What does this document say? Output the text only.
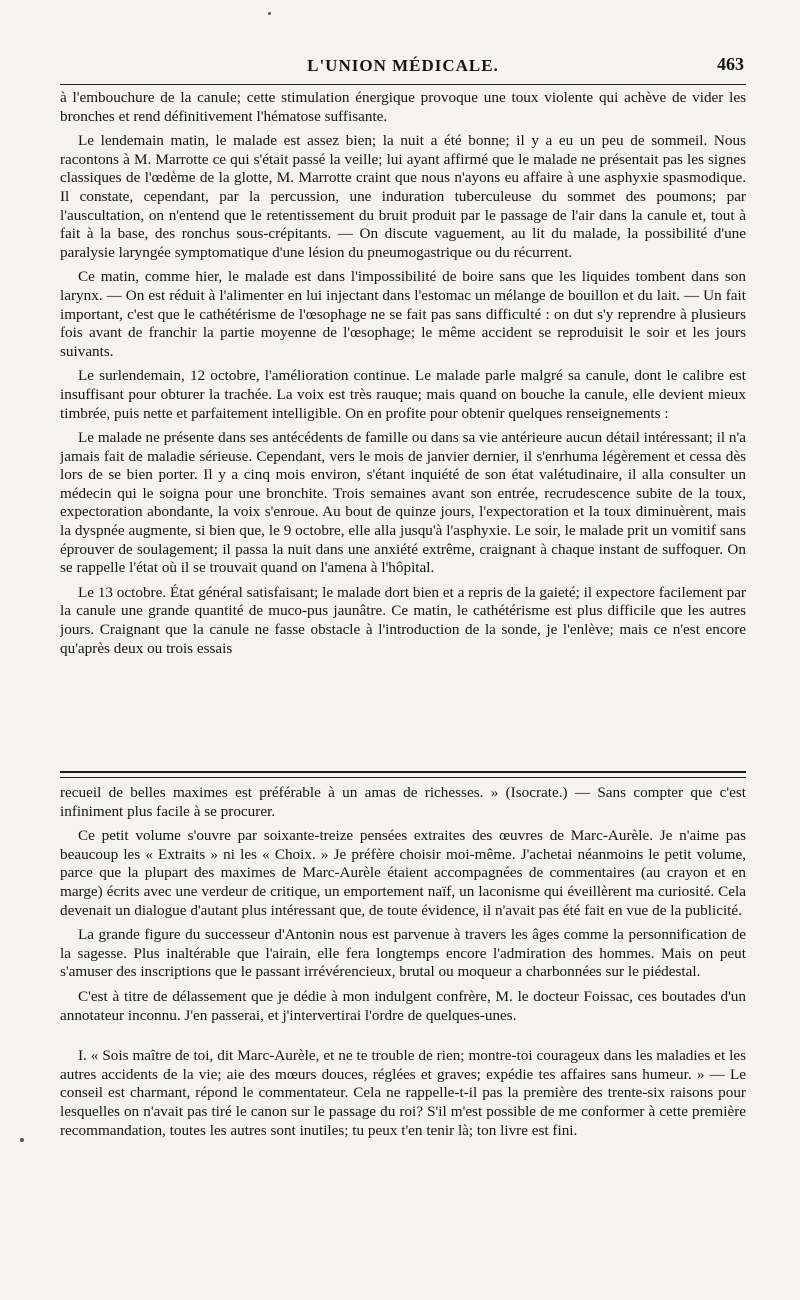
L'UNION MÉDICALE.	463

à l'embouchure de la canule; cette stimulation énergique provoque une toux violente qui achève de vider les bronches et rend définitivement l'hématose suffisante.

Le lendemain matin, le malade est assez bien; la nuit a été bonne; il y a eu un peu de sommeil. Nous racontons à M. Marrotte ce qui s'était passé la veille; lui ayant affirmé que le malade ne présentait pas les signes classiques de l'œdème de la glotte, M. Marrotte craint que nous n'ayons eu affaire à une asphyxie spasmodique. Il constate, cependant, par la percussion, une induration tuberculeuse du sommet des poumons; par l'auscultation, on n'entend que le retentissement du bruit produit par le passage de l'air dans la canule et, tout à fait à la base, des ronchus sous-crépitants. — On discute vaguement, au lit du malade, la possibilité d'une paralysie laryngée symptomatique d'une lésion du pneumogastrique ou du récurrent.

Ce matin, comme hier, le malade est dans l'impossibilité de boire sans que les liquides tombent dans son larynx. — On est réduit à l'alimenter en lui injectant dans l'estomac un mélange de bouillon et du lait. — Un fait important, c'est que le cathétérisme de l'œsophage ne se fait pas sans difficulté : on dut s'y reprendre à plusieurs fois avant de franchir la partie moyenne de l'œsophage; le même accident se reproduisit le soir et les jours suivants.

Le surlendemain, 12 octobre, l'amélioration continue. Le malade parle malgré sa canule, dont le calibre est insuffisant pour obturer la trachée. La voix est très rauque; mais quand on bouche la canule, elle devient mieux timbrée, puis nette et parfaitement intelligible. On en profite pour obtenir quelques renseignements :

Le malade ne présente dans ses antécédents de famille ou dans sa vie antérieure aucun détail intéressant; il n'a jamais fait de maladie sérieuse. Cependant, vers le mois de janvier dernier, il s'enrhuma légèrement et cessa dès lors de se bien porter. Il y a cinq mois environ, s'étant inquiété de son état valétudinaire, il alla consulter un médecin qui le soigna pour une bronchite. Trois semaines avant son entrée, recrudescence subite de la toux, expectoration abondante, la voix s'enroue. Au bout de quinze jours, l'expectoration et la toux diminuèrent, mais la dyspnée augmente, si bien que, le 9 octobre, elle alla jusqu'à l'asphyxie. Le soir, le malade prit un vomitif sans éprouver de soulagement; il passa la nuit dans une anxiété extrême, craignant à chaque instant de suffoquer. On se rappelle l'état où il se trouvait quand on l'amena à l'hôpital.

Le 13 octobre. État général satisfaisant; le malade dort bien et a repris de la gaieté; il expectore facilement par la canule une grande quantité de muco-pus jaunâtre. Ce matin, le cathétérisme est plus difficile que les autres jours. Craignant que la canule ne fasse obstacle à l'introduction de la sonde, je l'enlève; mais ce n'est encore qu'après deux ou trois essais

recueil de belles maximes est préférable à un amas de richesses. » (Isocrate.) — Sans compter que c'est infiniment plus facile à se procurer.

Ce petit volume s'ouvre par soixante-treize pensées extraites des œuvres de Marc-Aurèle. Je n'aime pas beaucoup les « Extraits » ni les « Choix. » Je préfère choisir moi-même. J'achetai néanmoins le petit volume, parce que la plupart des maximes de Marc-Aurèle étaient accompagnées de commentaires (au crayon et en marge) écrits avec une verdeur de critique, un emportement naïf, un laconisme qui éveillèrent ma curiosité. Cela devenait un dialogue d'autant plus intéressant que, de toute évidence, il n'avait pas été fait en vue de la publicité.

La grande figure du successeur d'Antonin nous est parvenue à travers les âges comme la personnification de la sagesse. Plus inaltérable que l'airain, elle fera longtemps encore l'admiration des hommes. Mais on peut s'amuser des inscriptions que le passant irrévérencieux, brutal ou moqueur a charbonnées sur le piédestal.

C'est à titre de délassement que je dédie à mon indulgent confrère, M. le docteur Foissac, ces boutades d'un annotateur inconnu. J'en passerai, et j'intervertirai l'ordre de quelques-unes.

I. « Sois maître de toi, dit Marc-Aurèle, et ne te trouble de rien; montre-toi courageux dans les maladies et les autres accidents de la vie; aie des mœurs douces, réglées et graves; expédie tes affaires sans humeur. » — Le conseil est charmant, répond le commentateur. Cela ne rappelle-t-il pas la première des trente-six raisons pour lesquelles on n'avait pas tiré le canon sur le passage du roi? S'il m'est possible de me conformer à cette première recommandation, toutes les autres sont inutiles; tu peux t'en tenir là; ton livre est fini.
